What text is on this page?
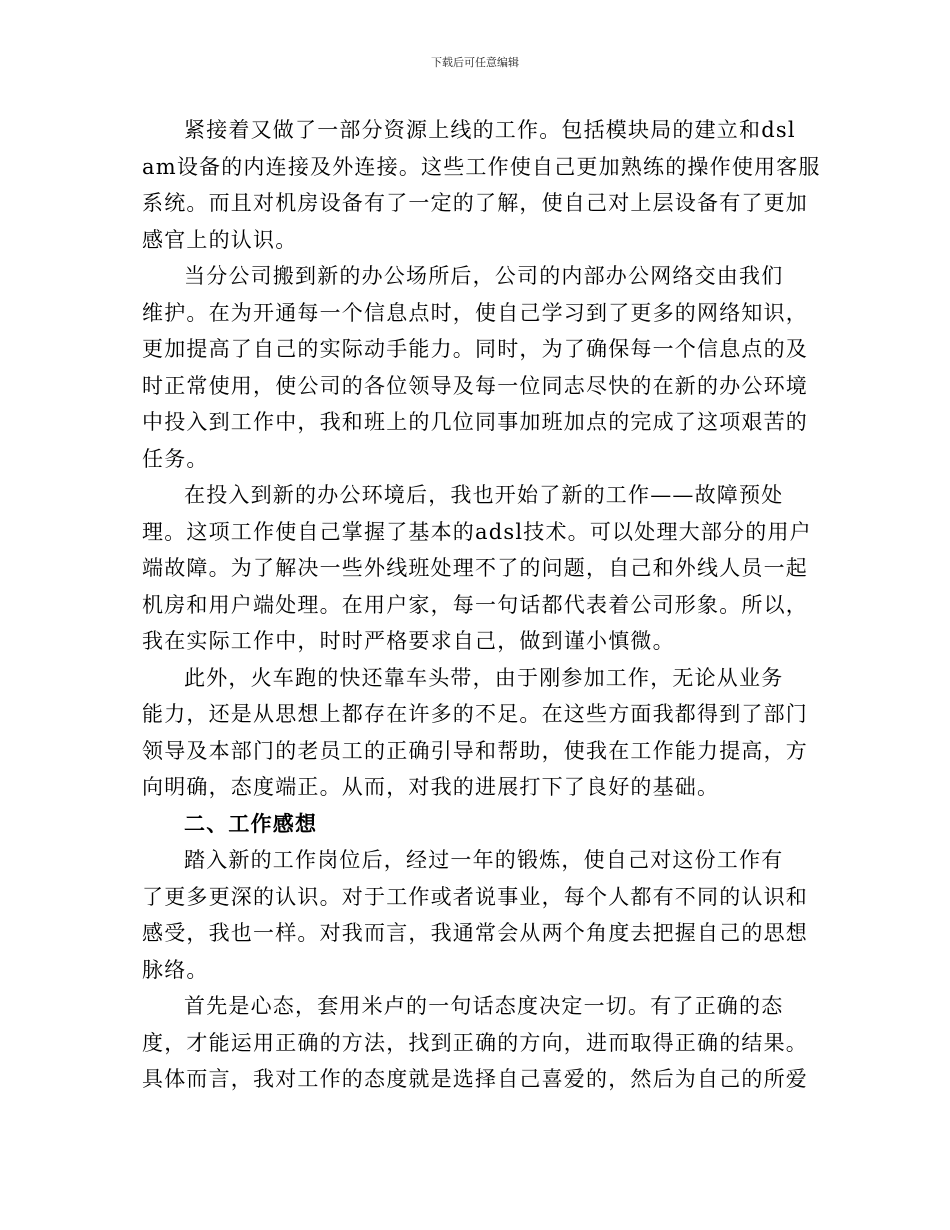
下载后可任意编辑

紧接着又做了一部分资源上线的工作。包括模块局的建立和dsl
am设备的内连接及外连接。这些工作使自己更加熟练的操作使用客服
系统。而且对机房设备有了一定的了解，使自己对上层设备有了更加
感官上的认识。

当分公司搬到新的办公场所后，公司的内部办公网络交由我们
维护。在为开通每一个信息点时，使自己学习到了更多的网络知识，
更加提高了自己的实际动手能力。同时，为了确保每一个信息点的及
时正常使用，使公司的各位领导及每一位同志尽快的在新的办公环境
中投入到工作中，我和班上的几位同事加班加点的完成了这项艰苦的
任务。

在投入到新的办公环境后，我也开始了新的工作——故障预处
理。这项工作使自己掌握了基本的adsl技术。可以处理大部分的用户
端故障。为了解决一些外线班处理不了的问题，自己和外线人员一起
机房和用户端处理。在用户家，每一句话都代表着公司形象。所以，
我在实际工作中，时时严格要求自己，做到谨小慎微。

此外，火车跑的快还靠车头带，由于刚参加工作，无论从业务
能力，还是从思想上都存在许多的不足。在这些方面我都得到了部门
领导及本部门的老员工的正确引导和帮助，使我在工作能力提高，方
向明确，态度端正。从而，对我的进展打下了良好的基础。

二、工作感想

踏入新的工作岗位后，经过一年的锻炼，使自己对这份工作有
了更多更深的认识。对于工作或者说事业，每个人都有不同的认识和
感受，我也一样。对我而言，我通常会从两个角度去把握自己的思想
脉络。

首先是心态，套用米卢的一句话态度决定一切。有了正确的态
度，才能运用正确的方法，找到正确的方向，进而取得正确的结果。
具体而言，我对工作的态度就是选择自己喜爱的，然后为自己的所爱
